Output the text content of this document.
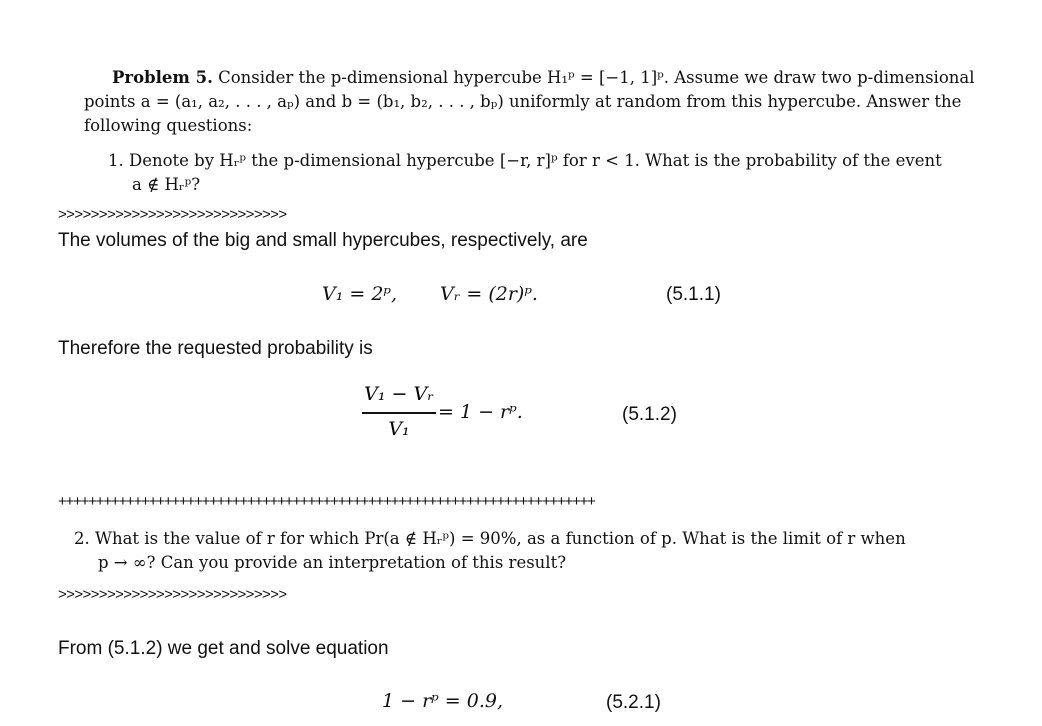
Problem 5. Consider the p-dimensional hypercube H₁ᵖ = [−1, 1]ᵖ. Assume we draw two p-dimensional
points a = (a₁, a₂, . . . , aₚ) and b = (b₁, b₂, . . . , bₚ) uniformly at random from this hypercube. Answer the
following questions:
1. Denote by Hᵣᵖ the p-dimensional hypercube [−r, r]ᵖ for r < 1. What is the probability of the event
a ∉ Hᵣᵖ?
>>>>>>>>>>>>>>>>>>>>>>>>>>>>
The volumes of the big and small hypercubes, respectively, are
V₁ = 2ᵖ, Vᵣ = (2r)ᵖ.	(5.1.1)
Therefore the requested probability is
V₁ − Vᵣ
V₁
= 1 − rᵖ.	(5.1.2)
+++++++++++++++++++++++++++++++++++++++++++++++++++++++++++++++++++++++
2. What is the value of r for which Pr(a ∉ Hᵣᵖ) = 90%, as a function of p. What is the limit of r when
p → ∞? Can you provide an interpretation of this result?
>>>>>>>>>>>>>>>>>>>>>>>>>>>>
From (5.1.2) we get and solve equation
1 − rᵖ = 0.9,	(5.2.1)
